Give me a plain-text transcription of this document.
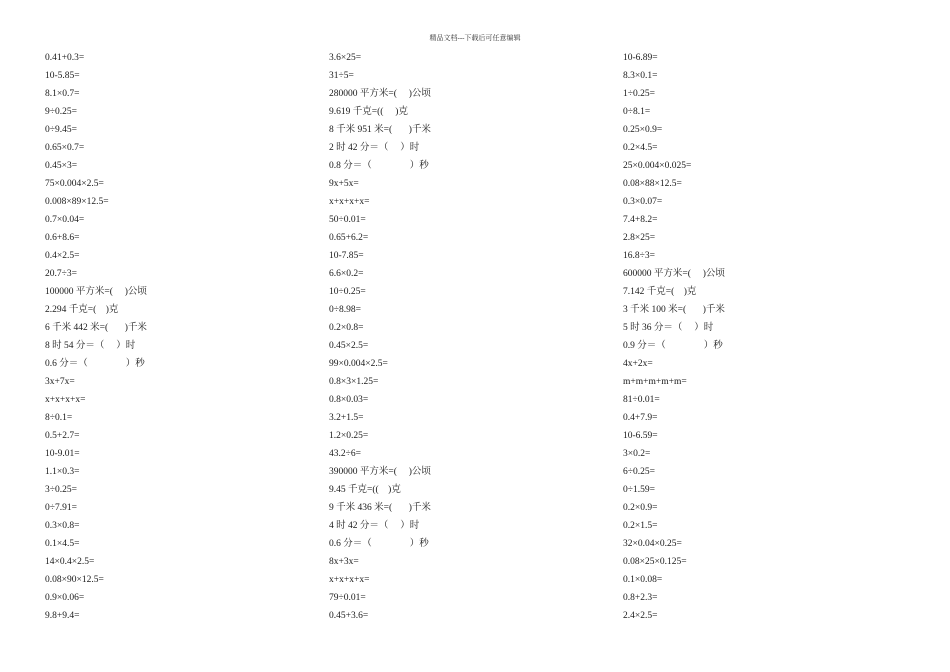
精品文档---下载后可任意编辑
0.41+0.3=
10-5.85=
8.1×0.7=
9÷0.25=
0÷9.45=
0.65×0.7=
0.45×3=
75×0.004×2.5=
0.008×89×12.5=
0.7×0.04=
0.6+8.6=
0.4×2.5=
20.7÷3=
100000 平方米=(     )公顷
2.294 千克=(    )克
6 千米 442 米=(       )千米
8 时 54 分＝（     ）时
0.6 分＝（                ）秒
3x+7x=
x+x+x+x=
8÷0.1=
0.5+2.7=
10-9.01=
1.1×0.3=
3÷0.25=
0÷7.91=
0.3×0.8=
0.1×4.5=
14×0.4×2.5=
0.08×90×12.5=
0.9×0.06=
9.8+9.4=
3.6×25=
31÷5=
280000 平方米=(     )公顷
9.619 千克=((     )克
8 千米 951 米=(       )千米
2 时 42 分＝（     ）时
0.8 分＝（                ）秒
9x+5x=
x+x+x+x=
50÷0.01=
0.65+6.2=
10-7.85=
6.6×0.2=
10÷0.25=
0÷8.98=
0.2×0.8=
0.45×2.5=
99×0.004×2.5=
0.8×3×1.25=
0.8×0.03=
3.2+1.5=
1.2×0.25=
43.2÷6=
390000 平方米=(     )公顷
9.45 千克=((    )克
9 千米 436 米=(       )千米
4 时 42 分＝（     ）时
0.6 分＝（                ）秒
8x+3x=
x+x+x+x=
79÷0.01=
0.45+3.6=
10-6.89=
8.3×0.1=
1÷0.25=
0÷8.1=
0.25×0.9=
0.2×4.5=
25×0.004×0.025=
0.08×88×12.5=
0.3×0.07=
7.4+8.2=
2.8×25=
16.8÷3=
600000 平方米=(     )公顷
7.142 千克=(    )克
3 千米 100 米=(       )千米
5 时 36 分＝（     ）时
0.9 分＝（                ）秒
4x+2x=
m+m+m+m+m=
81÷0.01=
0.4+7.9=
10-6.59=
3×0.2=
6÷0.25=
0÷1.59=
0.2×0.9=
0.2×1.5=
32×0.04×0.25=
0.08×25×0.125=
0.1×0.08=
0.8+2.3=
2.4×2.5=
